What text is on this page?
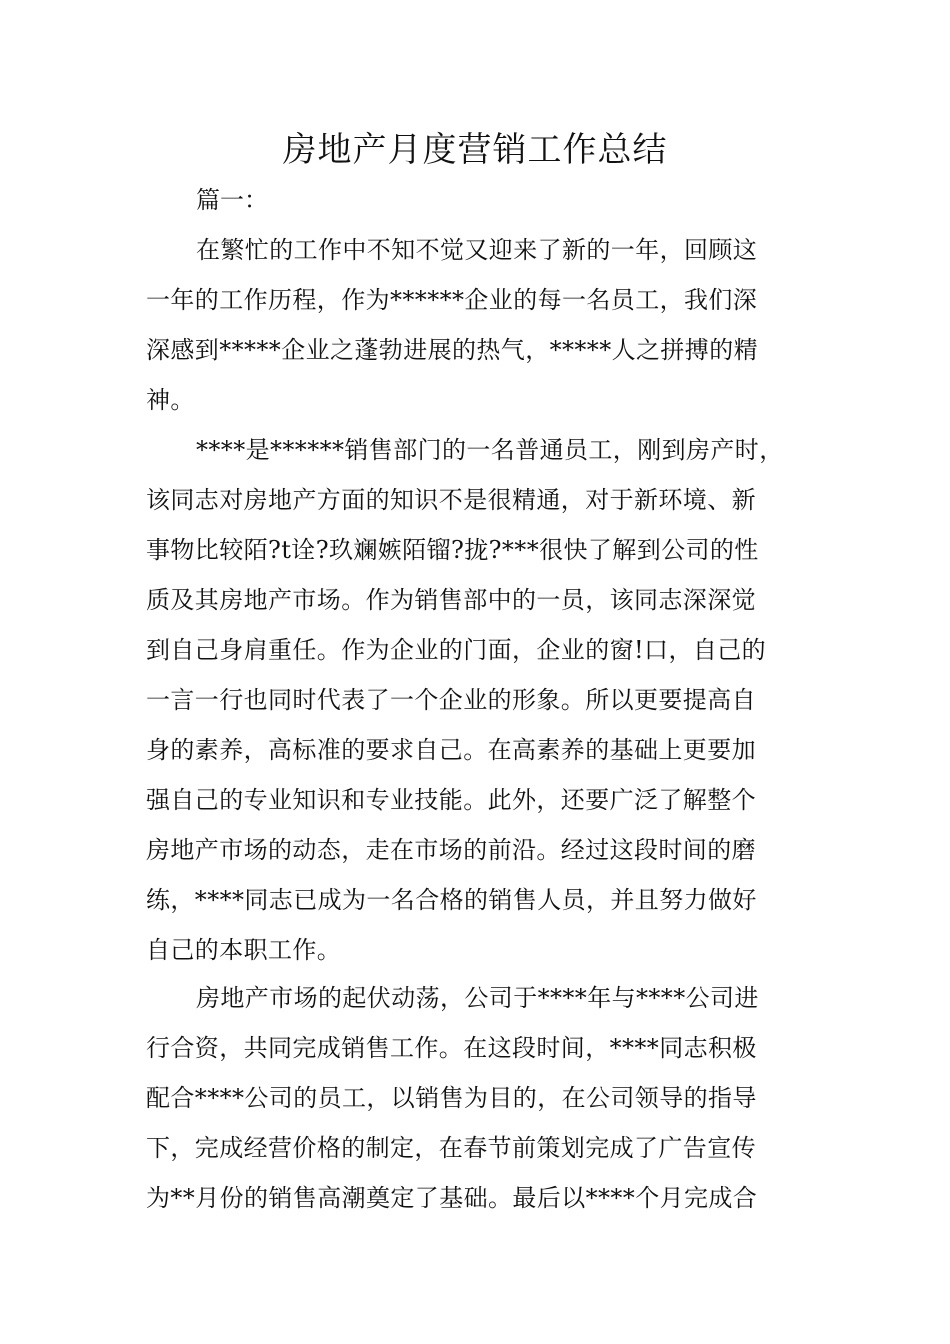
房地产月度营销工作总结
篇一：
在繁忙的工作中不知不觉又迎来了新的一年，回顾这
一年的工作历程，作为******企业的每一名员工，我们深
深感到*****企业之蓬勃进展的热气，*****人之拼搏的精
神。
****是******销售部门的一名普通员工，刚到房产时，
该同志对房地产方面的知识不是很精通，对于新环境、新
事物比较陌?t诠?玖斓嫉陌镏?拢?***很快了解到公司的性
质及其房地产市场。作为销售部中的一员，该同志深深觉
到自己身肩重任。作为企业的门面，企业的窗!口，自己的
一言一行也同时代表了一个企业的形象。所以更要提高自
身的素养，高标准的要求自己。在高素养的基础上更要加
强自己的专业知识和专业技能。此外，还要广泛了解整个
房地产市场的动态，走在市场的前沿。经过这段时间的磨
练，****同志已成为一名合格的销售人员，并且努力做好
自己的本职工作。
房地产市场的起伏动荡，公司于****年与****公司进
行合资，共同完成销售工作。在这段时间，****同志积极
配合****公司的员工，以销售为目的，在公司领导的指导
下，完成经营价格的制定，在春节前策划完成了广告宣传
为**月份的销售高潮奠定了基础。最后以****个月完成合
